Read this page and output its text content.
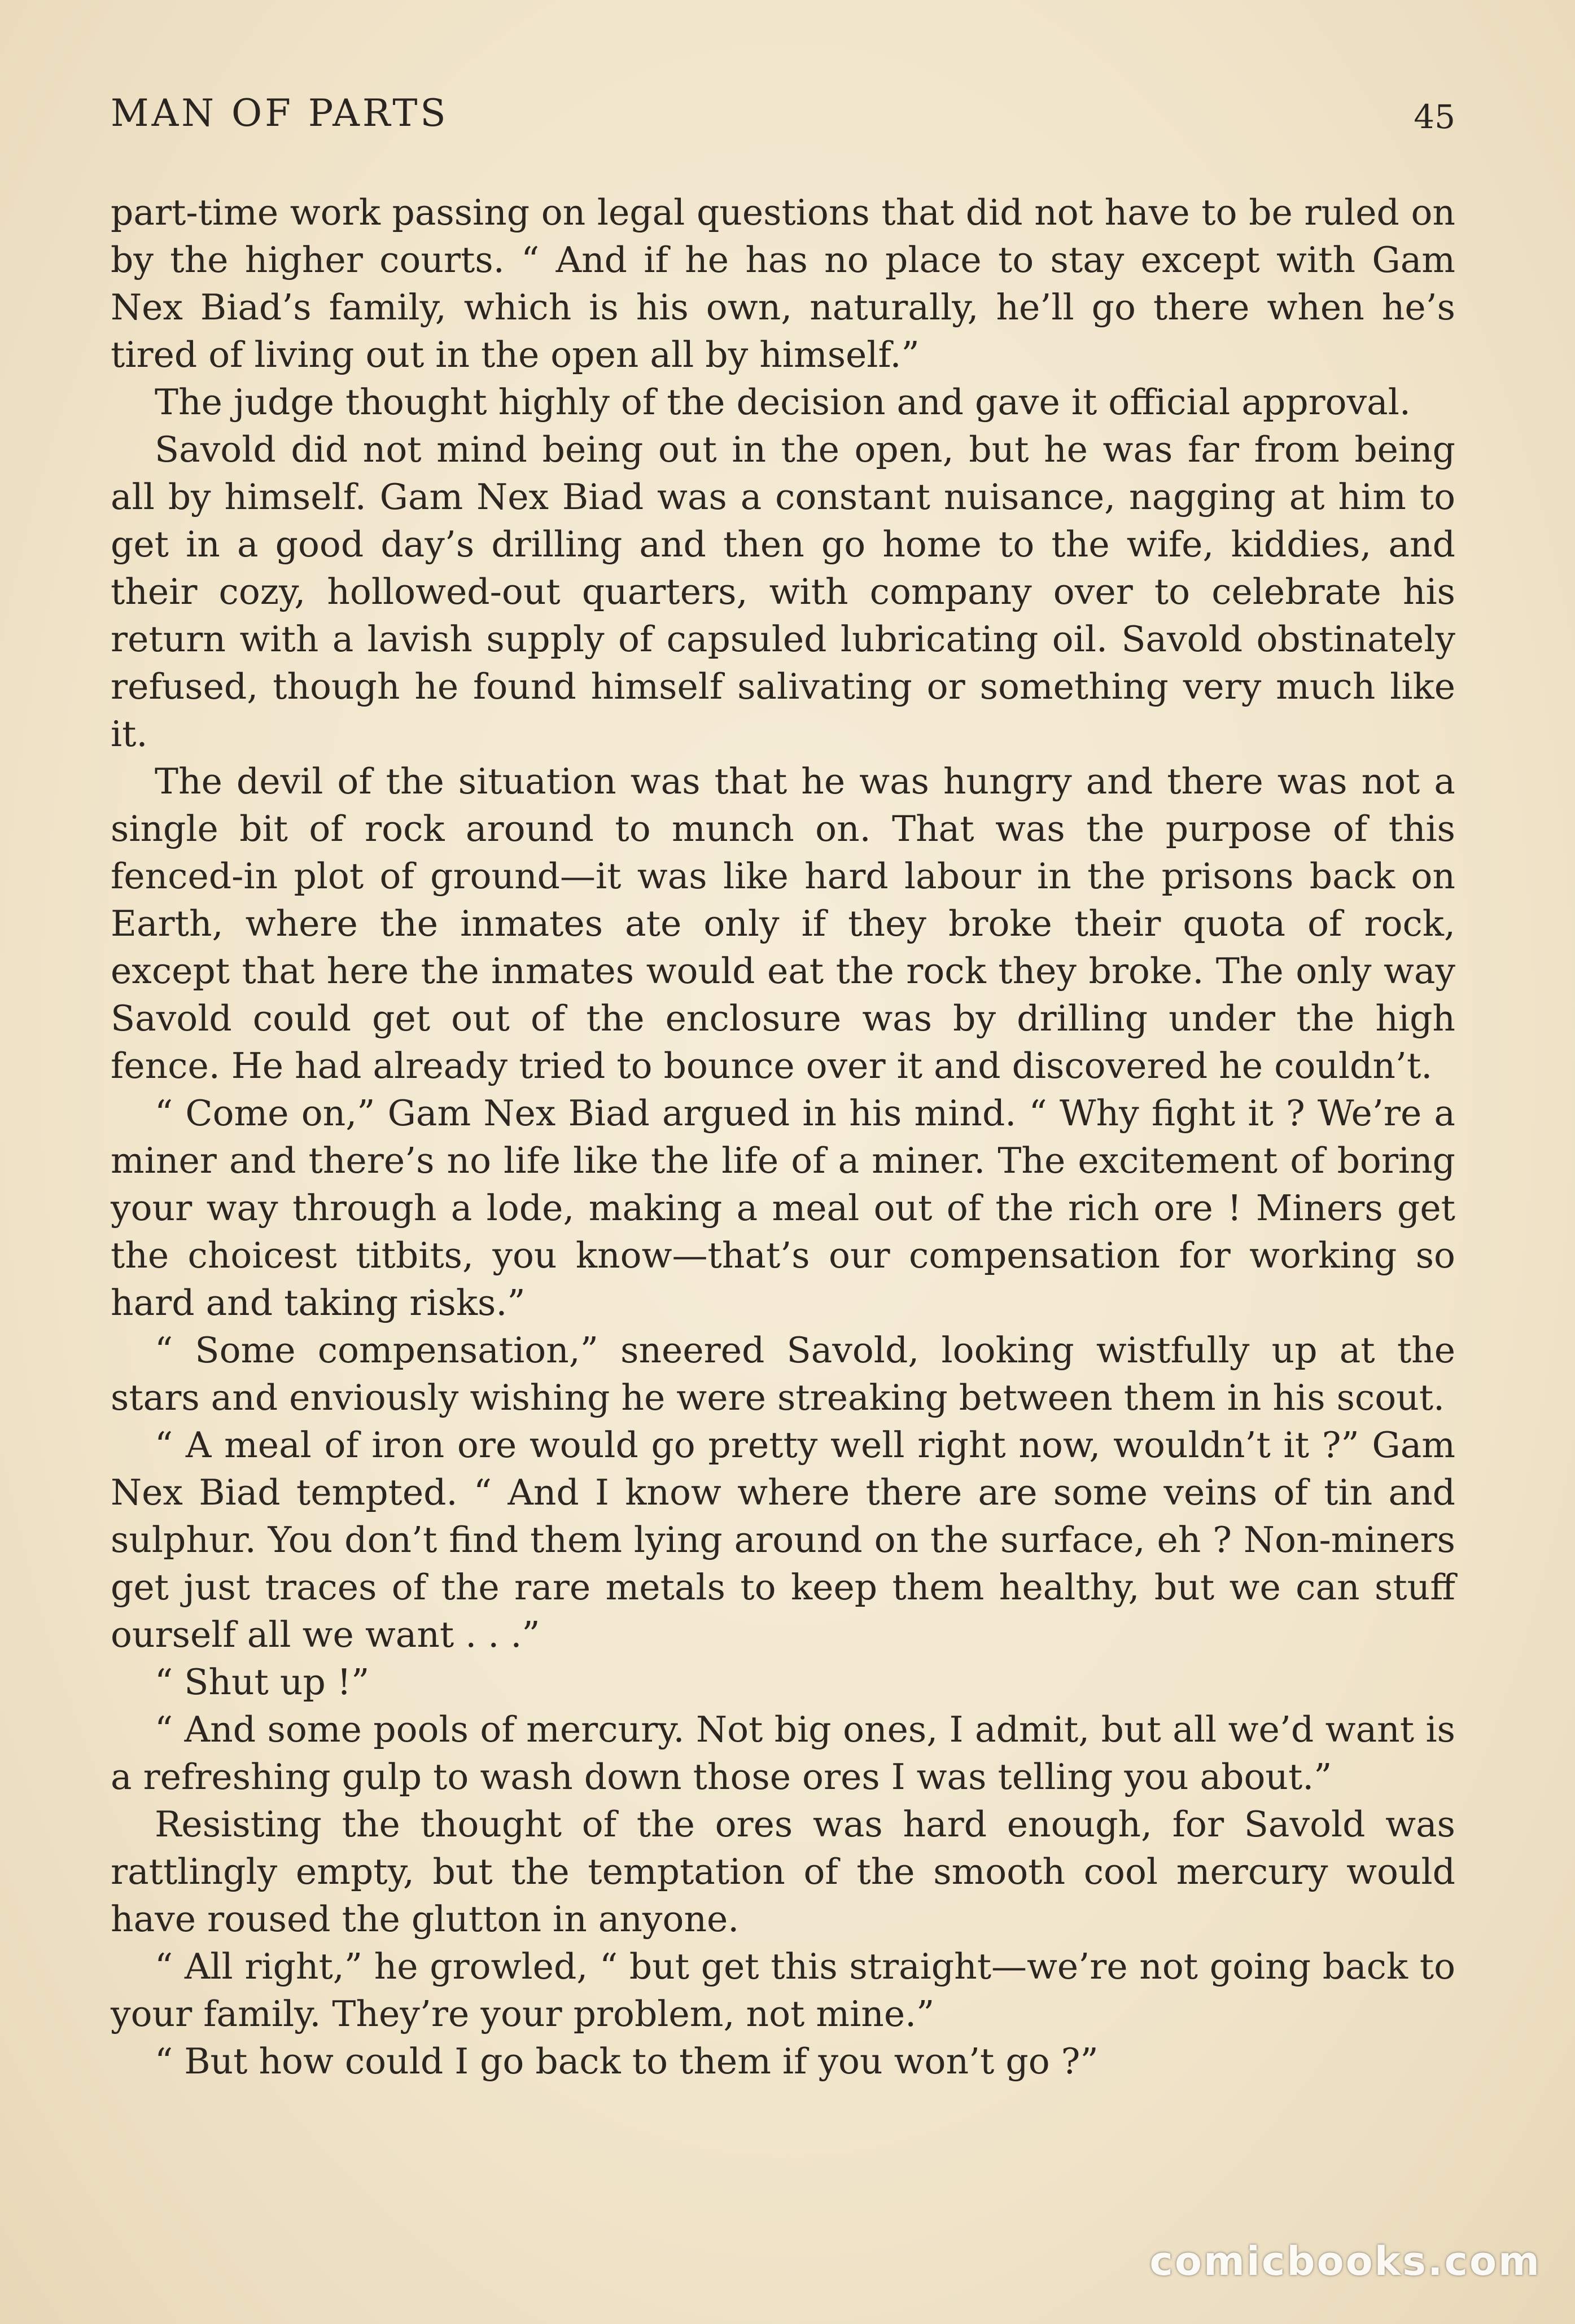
MAN OF PARTS	45

part-time work passing on legal questions that did not have to be ruled on by the higher courts. “ And if he has no place to stay except with Gam Nex Biad’s family, which is his own, naturally, he’ll go there when he’s tired of living out in the open all by himself.”

The judge thought highly of the decision and gave it official approval.

Savold did not mind being out in the open, but he was far from being all by himself. Gam Nex Biad was a constant nuisance, nagging at him to get in a good day’s drilling and then go home to the wife, kiddies, and their cozy, hollowed-out quarters, with company over to celebrate his return with a lavish supply of capsuled lubricating oil. Savold obstinately refused, though he found himself salivating or something very much like it.

The devil of the situation was that he was hungry and there was not a single bit of rock around to munch on. That was the purpose of this fenced-in plot of ground—it was like hard labour in the prisons back on Earth, where the inmates ate only if they broke their quota of rock, except that here the inmates would eat the rock they broke. The only way Savold could get out of the enclosure was by drilling under the high fence. He had already tried to bounce over it and discovered he couldn’t.

“ Come on,” Gam Nex Biad argued in his mind. “ Why fight it ? We’re a miner and there’s no life like the life of a miner. The excitement of boring your way through a lode, making a meal out of the rich ore ! Miners get the choicest titbits, you know—that’s our compensation for working so hard and taking risks.”

“ Some compensation,” sneered Savold, looking wistfully up at the stars and enviously wishing he were streaking between them in his scout.

“ A meal of iron ore would go pretty well right now, wouldn’t it ?” Gam Nex Biad tempted. “ And I know where there are some veins of tin and sulphur. You don’t find them lying around on the surface, eh ? Non-miners get just traces of the rare metals to keep them healthy, but we can stuff ourself all we want . . .”

“ Shut up !”

“ And some pools of mercury. Not big ones, I admit, but all we’d want is a refreshing gulp to wash down those ores I was telling you about.”

Resisting the thought of the ores was hard enough, for Savold was rattlingly empty, but the temptation of the smooth cool mercury would have roused the glutton in anyone.

“ All right,” he growled, “ but get this straight—we’re not going back to your family. They’re your problem, not mine.”

“ But how could I go back to them if you won’t go ?”

comicbooks.com
